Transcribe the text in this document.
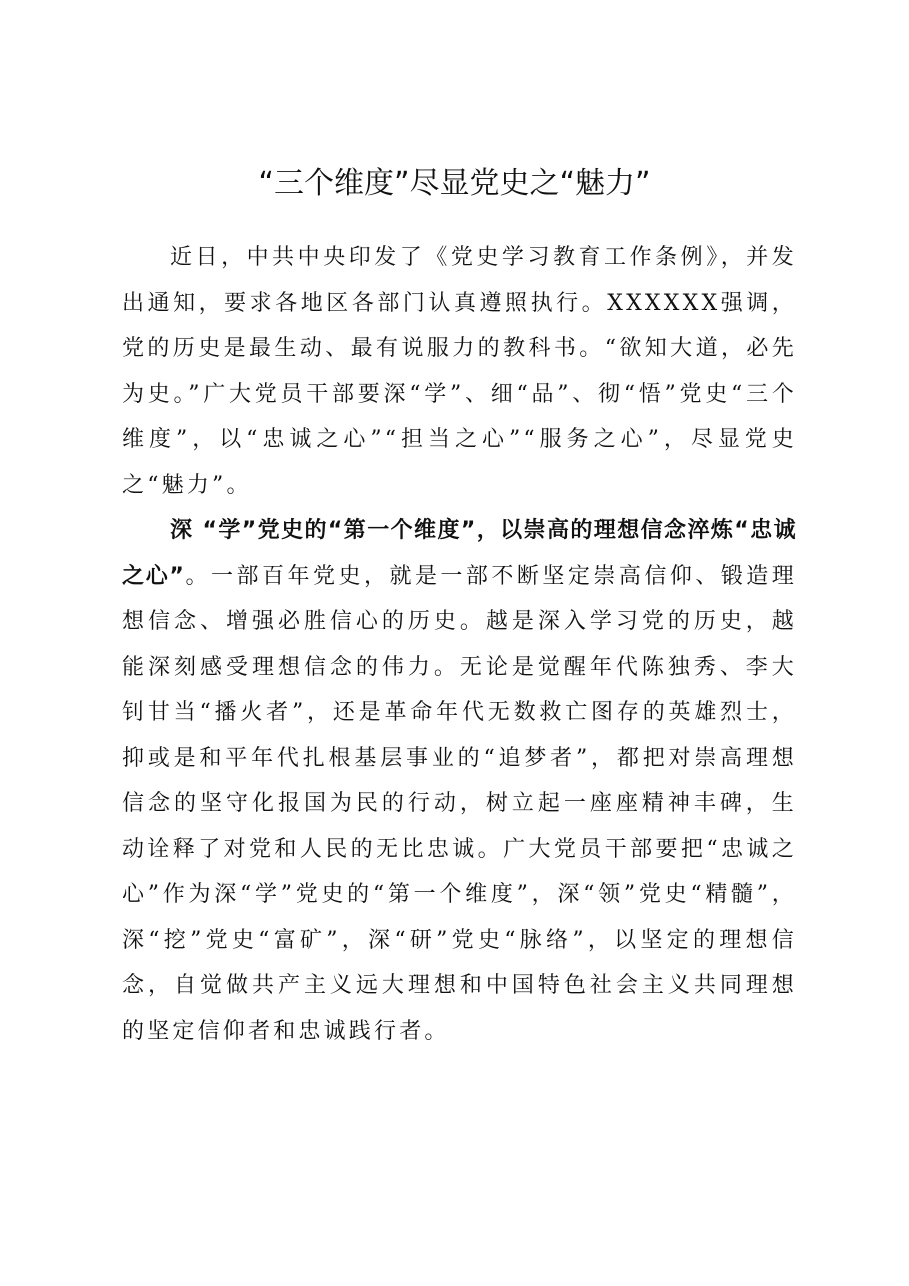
“三个维度”尽显党史之“魅力”

近日，中共中央印发了《党史学习教育工作条例》，并发出通知，要求各地区各部门认真遵照执行。XXXXXX强调，党的历史是最生动、最有说服力的教科书。“欲知大道，必先为史。”广大党员干部要深“学”、细“品”、彻“悟”党史“三个维度”，以“忠诚之心”“担当之心”“服务之心”，尽显党史之“魅力”。

深 “学”党史的“第一个维度”，以崇高的理想信念淬炼“忠诚之心”。一部百年党史，就是一部不断坚定崇高信仰、锻造理想信念、增强必胜信心的历史。越是深入学习党的历史，越能深刻感受理想信念的伟力。无论是觉醒年代陈独秀、李大钊甘当“播火者”，还是革命年代无数救亡图存的英雄烈士，抑或是和平年代扎根基层事业的“追梦者”，都把对崇高理想信念的坚守化报国为民的行动，树立起一座座精神丰碑，生动诠释了对党和人民的无比忠诚。广大党员干部要把“忠诚之心”作为深“学”党史的“第一个维度”，深“领”党史“精髓”，深“挖”党史“富矿”，深“研”党史“脉络”，以坚定的理想信念，自觉做共产主义远大理想和中国特色社会主义共同理想的坚定信仰者和忠诚践行者。
